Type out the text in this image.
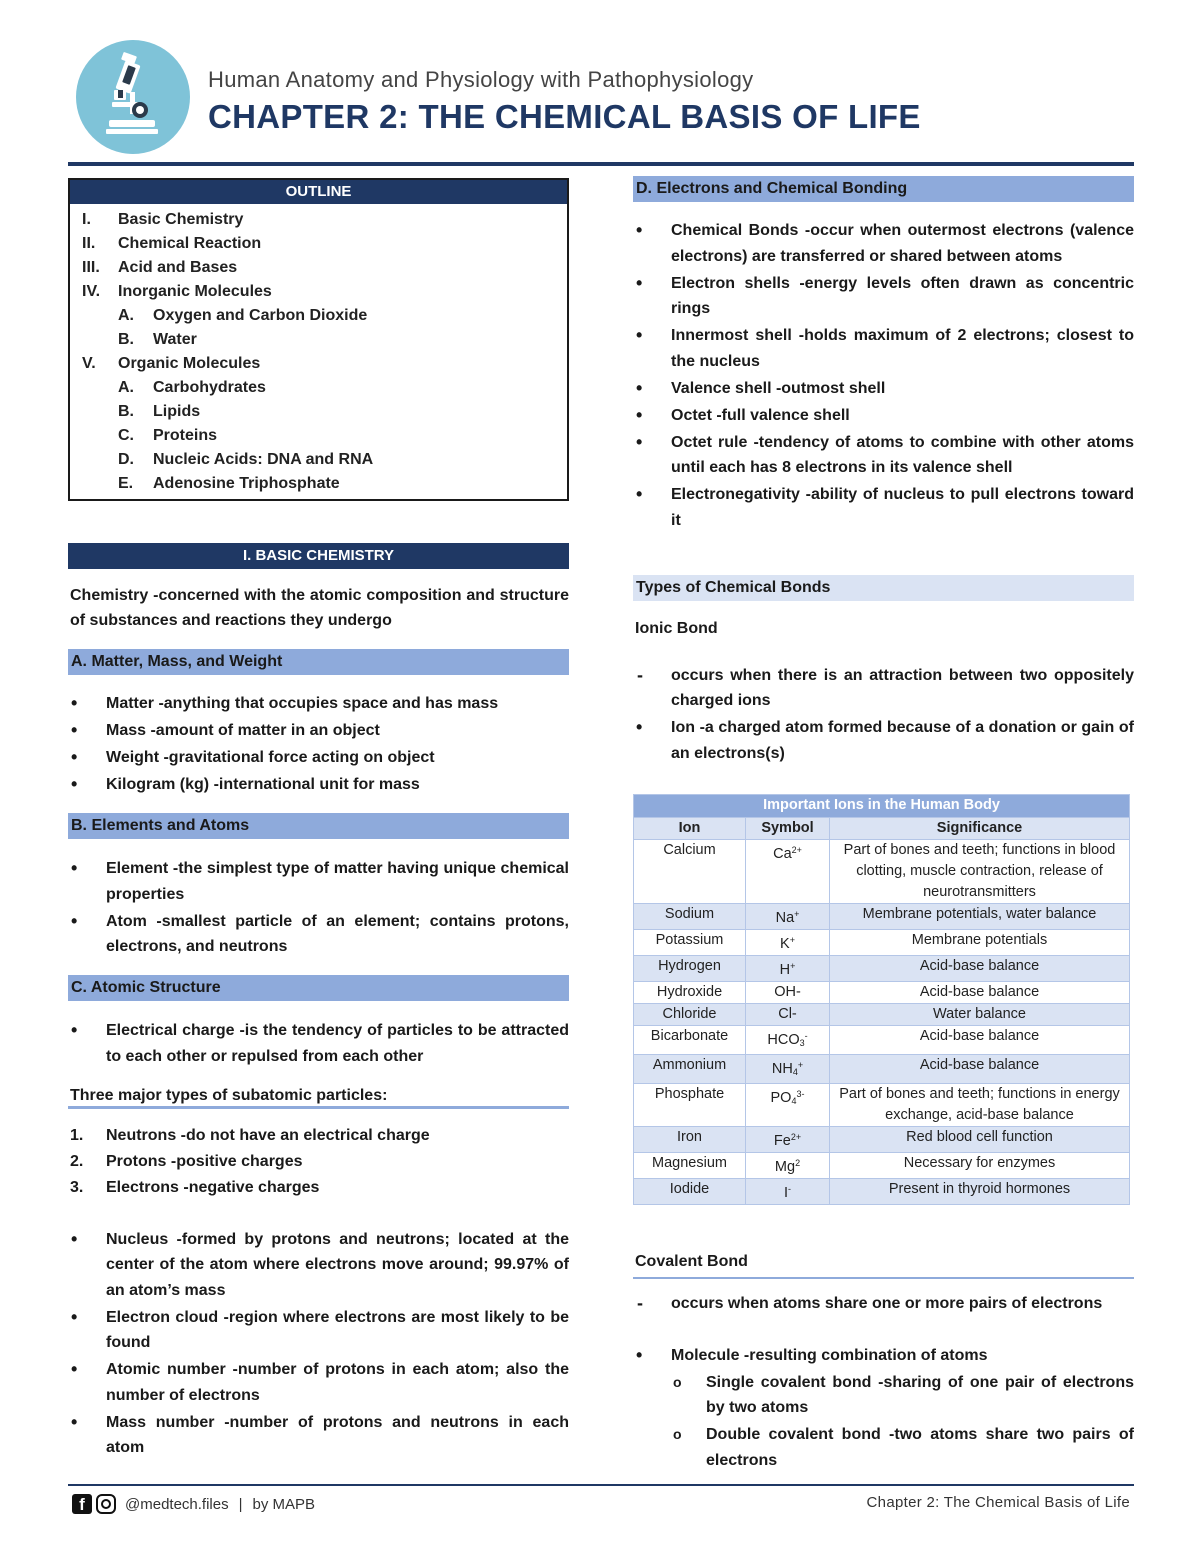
Human Anatomy and Physiology with Pathophysiology
CHAPTER 2: THE CHEMICAL BASIS OF LIFE
OUTLINE
I.	Basic Chemistry
II.	Chemical Reaction
III.	Acid and Bases
IV.	Inorganic Molecules
A.	Oxygen and Carbon Dioxide
B.	Water
V.	Organic Molecules
A.	Carbohydrates
B.	Lipids
C.	Proteins
D.	Nucleic Acids: DNA and RNA
E.	Adenosine Triphosphate
I. BASIC CHEMISTRY
Chemistry -concerned with the atomic composition and structure of substances and reactions they undergo
A. Matter, Mass, and Weight
• Matter -anything that occupies space and has mass
• Mass -amount of matter in an object
• Weight -gravitational force acting on object
• Kilogram (kg) -international unit for mass
B. Elements and Atoms
• Element -the simplest type of matter having unique chemical properties
• Atom -smallest particle of an element; contains protons, electrons, and neutrons
C. Atomic Structure
• Electrical charge -is the tendency of particles to be attracted to each other or repulsed from each other
Three major types of subatomic particles:
1.	Neutrons -do not have an electrical charge
2.	Protons -positive charges
3.	Electrons -negative charges
• Nucleus -formed by protons and neutrons; located at the center of the atom where electrons move around; 99.97% of an atom’s mass
• Electron cloud -region where electrons are most likely to be found
• Atomic number -number of protons in each atom; also the number of electrons
• Mass number -number of protons and neutrons in each atom
D. Electrons and Chemical Bonding
• Chemical Bonds -occur when outermost electrons (valence electrons) are transferred or shared between atoms
• Electron shells -energy levels often drawn as concentric rings
• Innermost shell -holds maximum of 2 electrons; closest to the nucleus
• Valence shell -outmost shell
• Octet -full valence shell
• Octet rule -tendency of atoms to combine with other atoms until each has 8 electrons in its valence shell
• Electronegativity -ability of nucleus to pull electrons toward it
Types of Chemical Bonds
Ionic Bond
- occurs when there is an attraction between two oppositely charged ions
• Ion -a charged atom formed because of a donation or gain of an electrons(s)
Important Ions in the Human Body		
Ion	Symbol	Significance
Calcium	$Ca^{2+}$	Part of bones and teeth; functions in blood clotting, muscle contraction, release of neurotransmitters
Sodium	Na+	Membrane potentials, water balance
Potassium	K+	Membrane potentials
Hydrogen	H+	Acid-base balance
Hydroxide	OH-	Acid-base balance
Chloride	Cl-	Water balance
Bicarbonate	$HCO_3^-$	Acid-base balance
Ammonium	$NH_4^+$	Acid-base balance
Phosphate	$PO_4^{3-}$	Part of bones and teeth; functions in energy exchange, acid-base balance
Iron	$Fe^{2+}$	Red blood cell function
Magnesium	Mg$^2$	Necessary for enzymes
Iodide	I-	Present in thyroid hormones
Covalent Bond
- occurs when atoms share one or more pairs of electrons
• Molecule -resulting combination of atoms
o Single covalent bond -sharing of one pair of electrons by two atoms
o Double covalent bond -two atoms share two pairs of electrons
f	@medtech.files | by MAPB	Chapter 2: The Chemical Basis of Life
